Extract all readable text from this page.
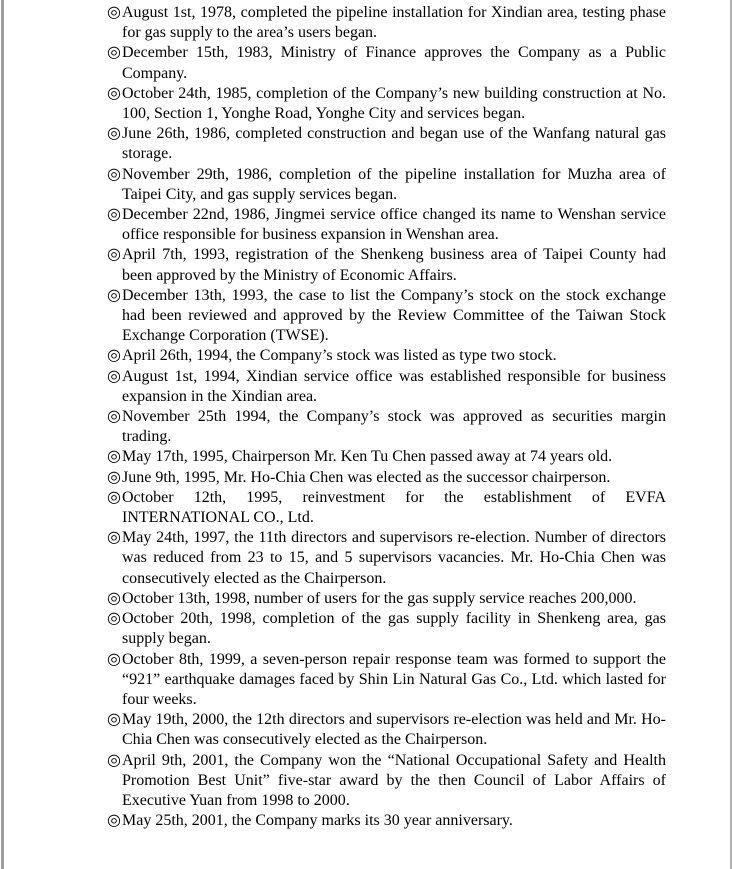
◎August 1st, 1978, completed the pipeline installation for Xindian area, testing phase for gas supply to the area’s users began.

◎December 15th, 1983, Ministry of Finance approves the Company as a Public Company.

◎October 24th, 1985, completion of the Company’s new building construction at No. 100, Section 1, Yonghe Road, Yonghe City and services began.

◎June 26th, 1986, completed construction and began use of the Wanfang natural gas storage.

◎November 29th, 1986, completion of the pipeline installation for Muzha area of Taipei City, and gas supply services began.

◎December 22nd, 1986, Jingmei service office changed its name to Wenshan service office responsible for business expansion in Wenshan area.

◎April 7th, 1993, registration of the Shenkeng business area of Taipei County had been approved by the Ministry of Economic Affairs.

◎December 13th, 1993, the case to list the Company’s stock on the stock exchange had been reviewed and approved by the Review Committee of the Taiwan Stock Exchange Corporation (TWSE).

◎April 26th, 1994, the Company’s stock was listed as type two stock.

◎August 1st, 1994, Xindian service office was established responsible for business expansion in the Xindian area.

◎November 25th 1994, the Company’s stock was approved as securities margin trading.

◎May 17th, 1995, Chairperson Mr. Ken Tu Chen passed away at 74 years old.

◎June 9th, 1995, Mr. Ho-Chia Chen was elected as the successor chairperson.

◎October 12th, 1995, reinvestment for the establishment of EVFA INTERNATIONAL CO., Ltd.

◎May 24th, 1997, the 11th directors and supervisors re-election. Number of directors was reduced from 23 to 15, and 5 supervisors vacancies. Mr. Ho-Chia Chen was consecutively elected as the Chairperson.

◎October 13th, 1998, number of users for the gas supply service reaches 200,000.

◎October 20th, 1998, completion of the gas supply facility in Shenkeng area, gas supply began.

◎October 8th, 1999, a seven-person repair response team was formed to support the “921” earthquake damages faced by Shin Lin Natural Gas Co., Ltd. which lasted for four weeks.

◎May 19th, 2000, the 12th directors and supervisors re-election was held and Mr. Ho-Chia Chen was consecutively elected as the Chairperson.

◎April 9th, 2001, the Company won the “National Occupational Safety and Health Promotion Best Unit” five-star award by the then Council of Labor Affairs of Executive Yuan from 1998 to 2000.

◎May 25th, 2001, the Company marks its 30 year anniversary.
